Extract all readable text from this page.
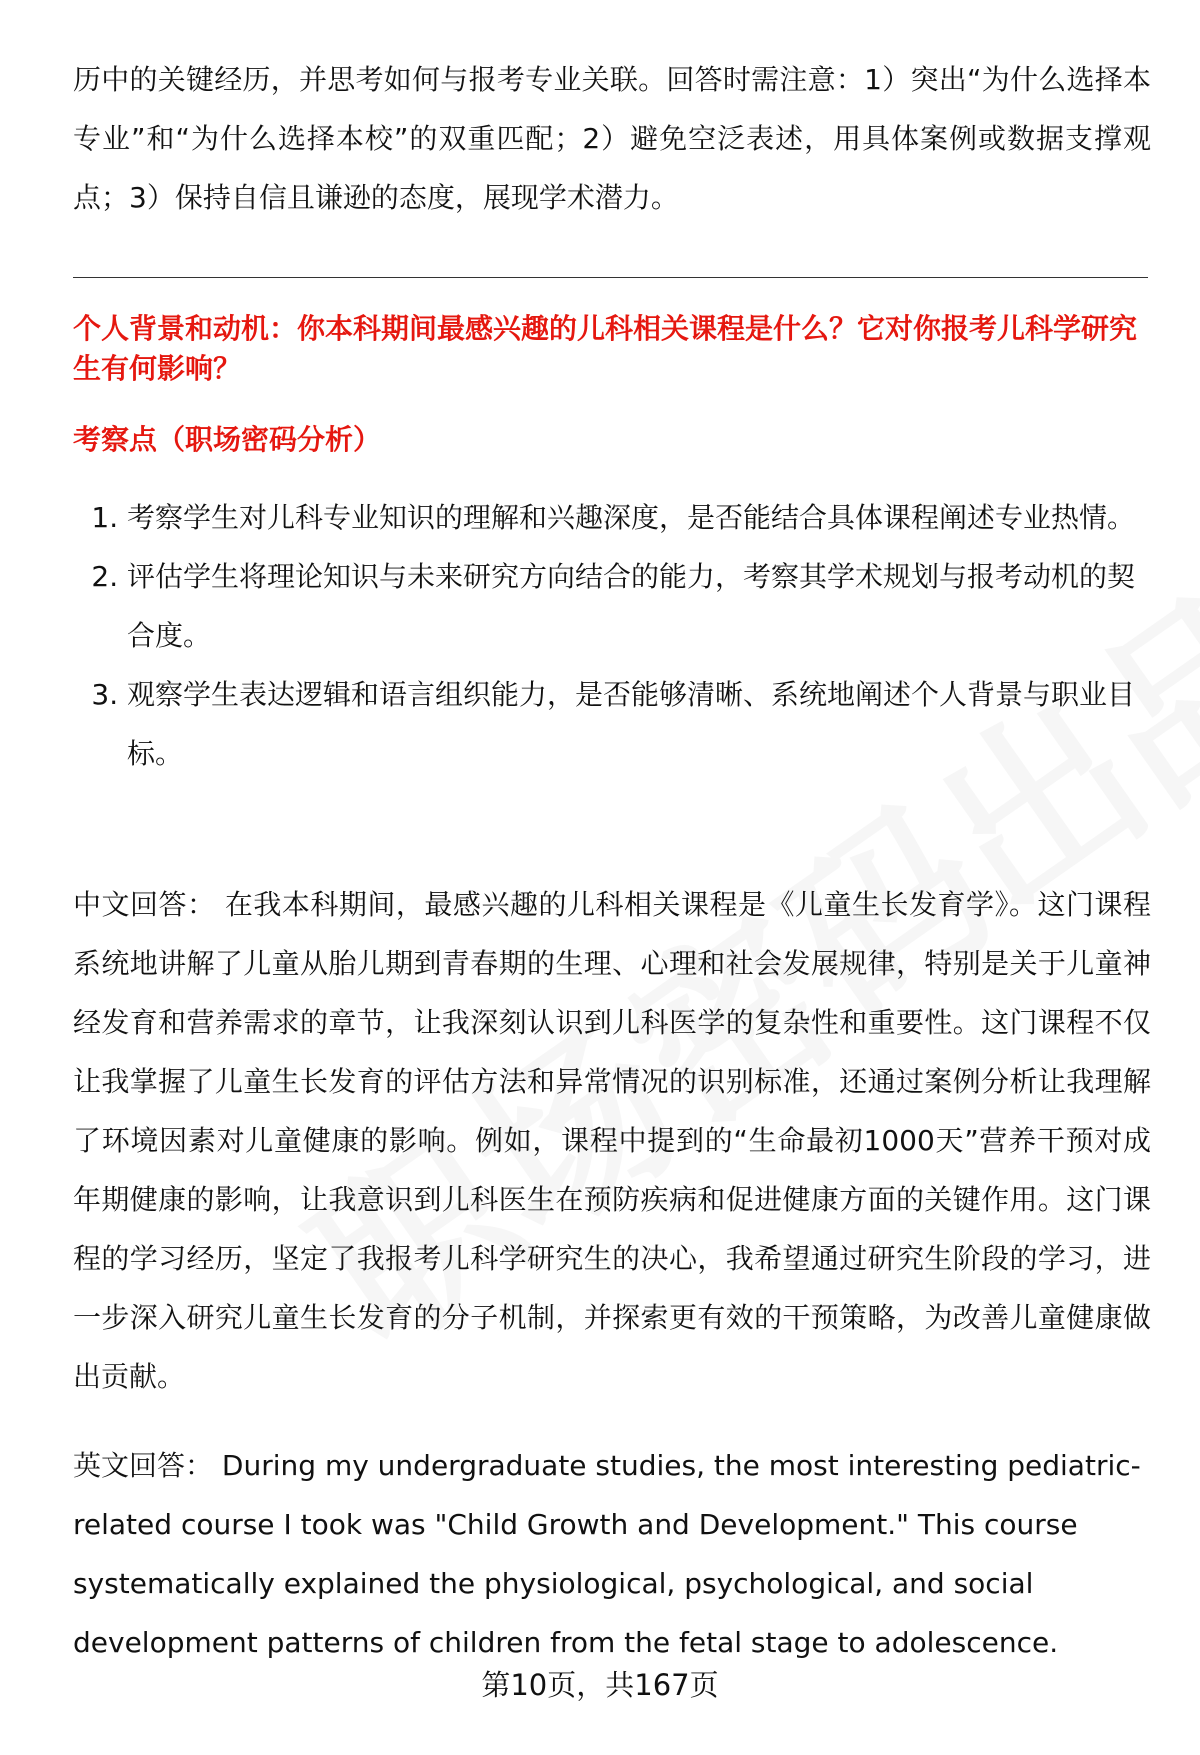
历中的关键经历，并思考如何与报考专业关联。回答时需注意：1）突出“为什么选择本专业”和“为什么选择本校”的双重匹配；2）避免空泛表述，用具体案例或数据支撑观点；3）保持自信且谦逊的态度，展现学术潜力。

个人背景和动机：你本科期间最感兴趣的儿科相关课程是什么？它对你报考儿科学研究生有何影响？
考察点（职场密码分析）
1. 考察学生对儿科专业知识的理解和兴趣深度，是否能结合具体课程阐述专业热情。
2. 评估学生将理论知识与未来研究方向结合的能力，考察其学术规划与报考动机的契合度。
3. 观察学生表达逻辑和语言组织能力，是否能够清晰、系统地阐述个人背景与职业目标。

中文回答： 在我本科期间，最感兴趣的儿科相关课程是《儿童生长发育学》。这门课程系统地讲解了儿童从胎儿期到青春期的生理、心理和社会发展规律，特别是关于儿童神经发育和营养需求的章节，让我深刻认识到儿科医学的复杂性和重要性。这门课程不仅让我掌握了儿童生长发育的评估方法和异常情况的识别标准，还通过案例分析让我理解了环境因素对儿童健康的影响。例如，课程中提到的“生命最初1000天”营养干预对成年期健康的影响，让我意识到儿科医生在预防疾病和促进健康方面的关键作用。这门课程的学习经历，坚定了我报考儿科学研究生的决心，我希望通过研究生阶段的学习，进一步深入研究儿童生长发育的分子机制，并探索更有效的干预策略，为改善儿童健康做出贡献。

英文回答： During my undergraduate studies, the most interesting pediatric-related course I took was "Child Growth and Development." This course systematically explained the physiological, psychological, and social development patterns of children from the fetal stage to adolescence.

第10页，共167页
